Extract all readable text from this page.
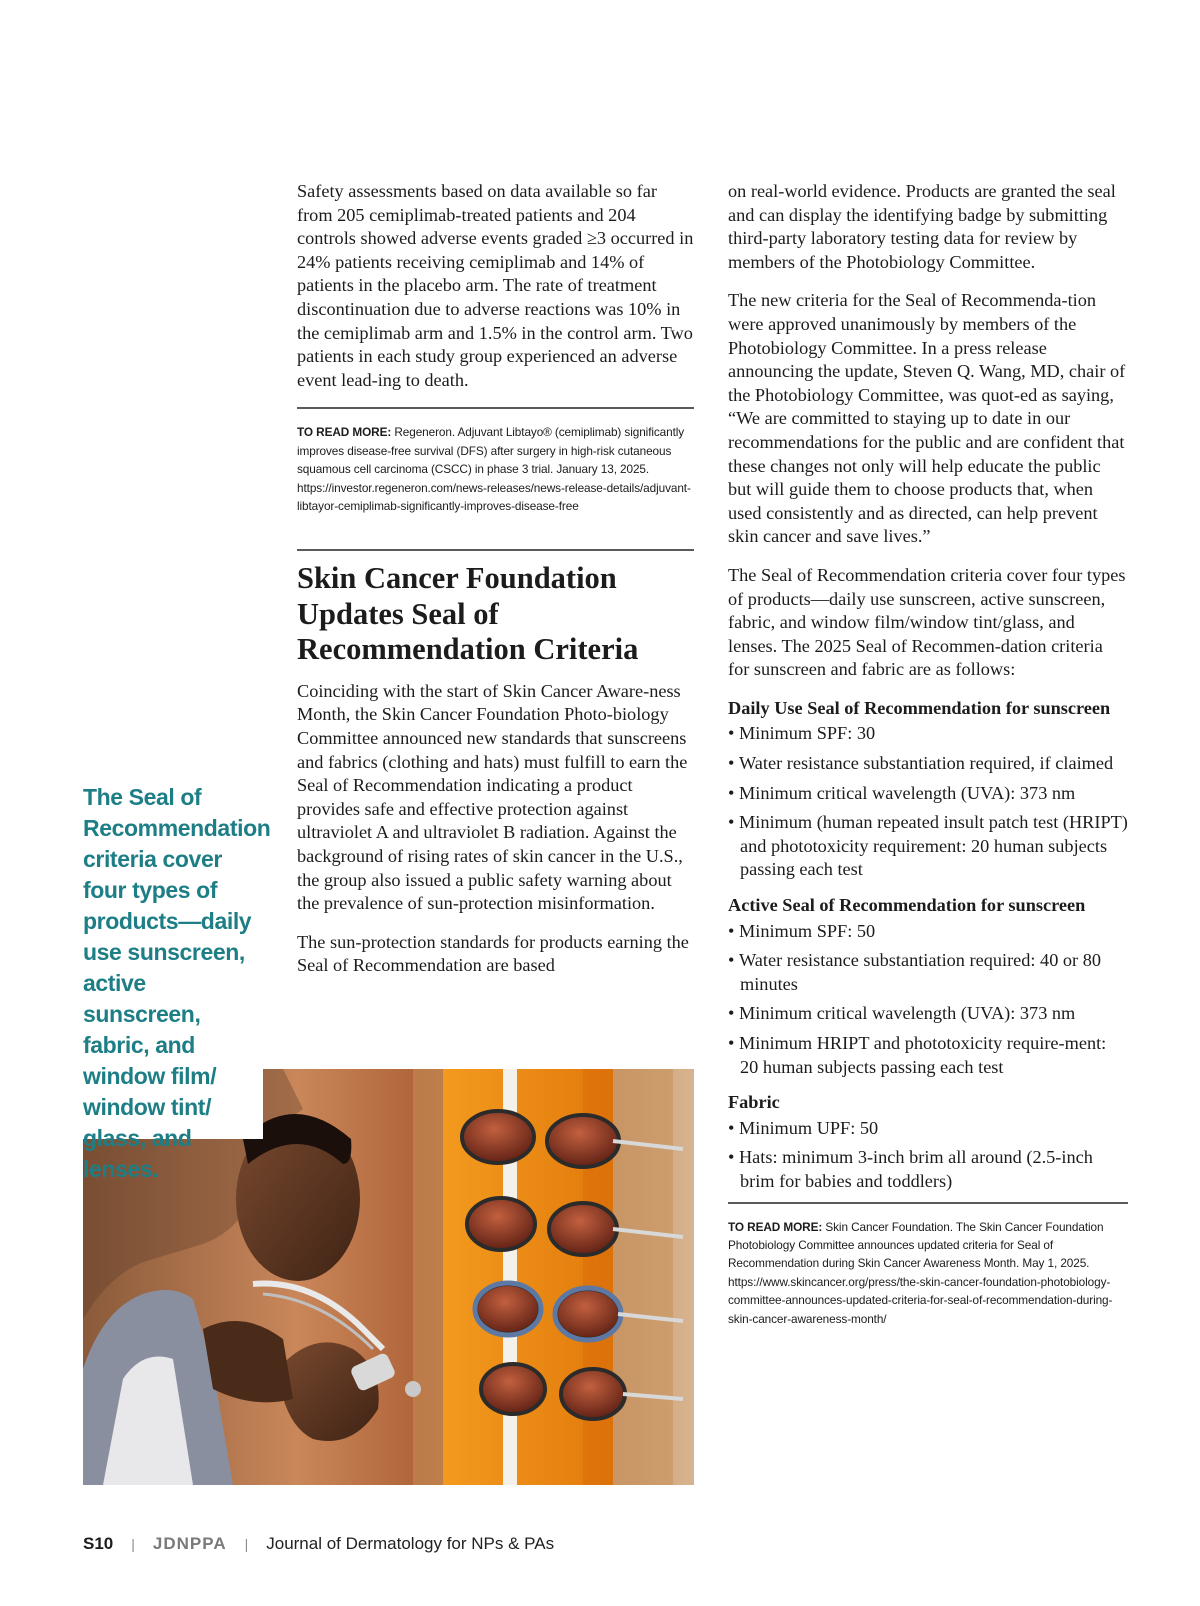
Safety assessments based on data available so far from 205 cemiplimab-treated patients and 204 controls showed adverse events graded ≥3 occurred in 24% patients receiving cemiplimab and 14% of patients in the placebo arm. The rate of treatment discontinuation due to adverse reactions was 10% in the cemiplimab arm and 1.5% in the control arm. Two patients in each study group experienced an adverse event lead-ing to death.

TO READ MORE: Regeneron. Adjuvant Libtayo® (cemiplimab) significantly improves disease-free survival (DFS) after surgery in high-risk cutaneous squamous cell carcinoma (CSCC) in phase 3 trial. January 13, 2025. https://investor.regeneron.com/news-releases/news-release-details/adjuvant-libtayor-cemiplimab-significantly-improves-disease-free

Skin Cancer Foundation Updates Seal of Recommendation Criteria

Coinciding with the start of Skin Cancer Aware-ness Month, the Skin Cancer Foundation Photo-biology Committee announced new standards that sunscreens and fabrics (clothing and hats) must fulfill to earn the Seal of Recommendation indicating a product provides safe and effective protection against ultraviolet A and ultraviolet B radiation. Against the background of rising rates of skin cancer in the U.S., the group also issued a public safety warning about the prevalence of sun-protection misinformation.

The sun-protection standards for products earning the Seal of Recommendation are based

on real-world evidence. Products are granted the seal and can display the identifying badge by submitting third-party laboratory testing data for review by members of the Photobiology Committee.

The new criteria for the Seal of Recommenda-tion were approved unanimously by members of the Photobiology Committee. In a press release announcing the update, Steven Q. Wang, MD, chair of the Photobiology Committee, was quot-ed as saying, “We are committed to staying up to date in our recommendations for the public and are confident that these changes not only will help educate the public but will guide them to choose products that, when used consistently and as directed, can help prevent skin cancer and save lives.”

The Seal of Recommendation criteria cover four types of products—daily use sunscreen, active sunscreen, fabric, and window film/window tint/glass, and lenses. The 2025 Seal of Recommen-dation criteria for sunscreen and fabric are as follows:

Daily Use Seal of Recommendation for sunscreen
• Minimum SPF: 30
• Water resistance substantiation required, if claimed
• Minimum critical wavelength (UVA): 373 nm
• Minimum (human repeated insult patch test (HRIPT) and phototoxicity requirement: 20 human subjects passing each test
Active Seal of Recommendation for sunscreen
• Minimum SPF: 50
• Water resistance substantiation required: 40 or 80 minutes
• Minimum critical wavelength (UVA): 373 nm
• Minimum HRIPT and phototoxicity require-ment: 20 human subjects passing each test
Fabric
• Minimum UPF: 50
• Hats: minimum 3-inch brim all around (2.5-inch brim for babies and toddlers)

TO READ MORE: Skin Cancer Foundation. The Skin Cancer Foundation Photobiology Committee announces updated criteria for Seal of Recommendation during Skin Cancer Awareness Month. May 1, 2025. https://www.skincancer.org/press/the-skin-cancer-foundation-photobiology-committee-announces-updated-criteria-for-seal-of-recommendation-during-skin-cancer-awareness-month/

The Seal of Recommendation criteria cover four types of products—daily use sunscreen, active sunscreen, fabric, and window film/ window tint/ glass, and lenses.
S10 | JDNPPA | Journal of Dermatology for NPs & PAs
